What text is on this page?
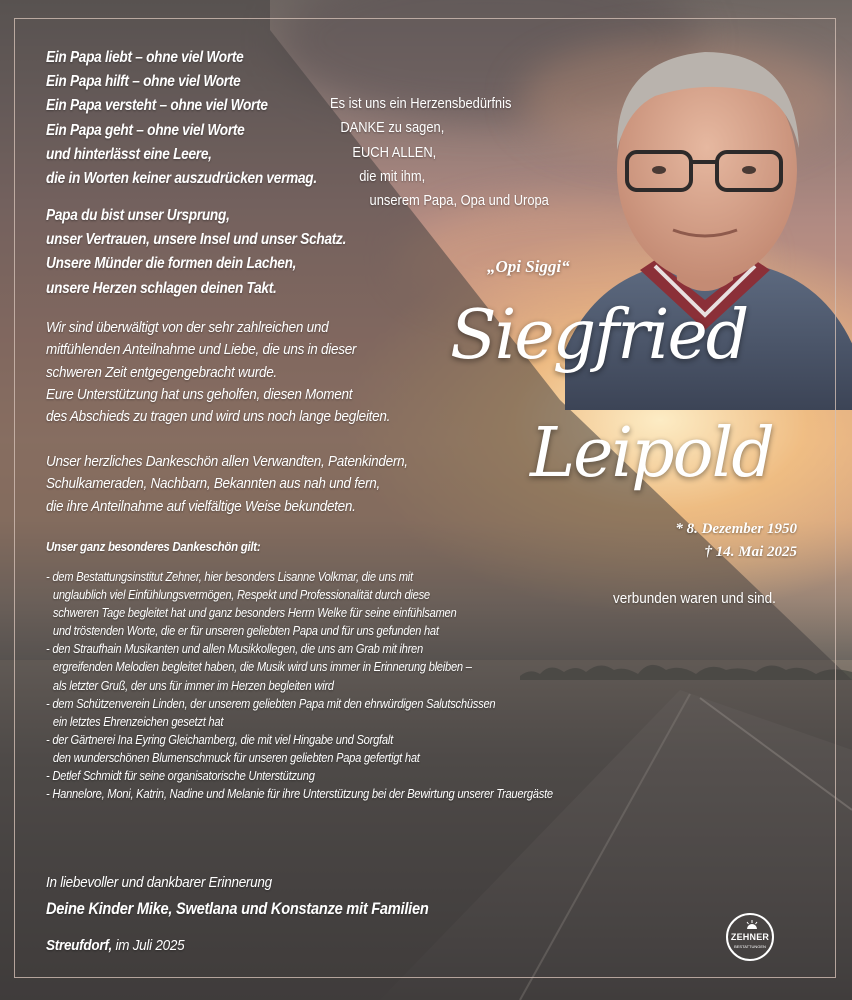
Ein Papa liebt – ohne viel Worte
Ein Papa hilft – ohne viel Worte
Ein Papa versteht – ohne viel Worte
Ein Papa geht – ohne viel Worte
und hinterlässt eine Leere,
die in Worten keiner auszudrücken vermag.
Papa du bist unser Ursprung,
unser Vertrauen, unsere Insel und unser Schatz.
Unsere Münder die formen dein Lachen,
unsere Herzen schlagen deinen Takt.
Wir sind überwältigt von der sehr zahlreichen und
mitfühlenden Anteilnahme und Liebe, die uns in dieser
schweren Zeit entgegengebracht wurde.
Eure Unterstützung hat uns geholfen, diesen Moment
des Abschieds zu tragen und wird uns noch lange begleiten.
Unser herzliches Dankeschön allen Verwandten, Patenkindern,
Schulkameraden, Nachbarn, Bekannten aus nah und fern,
die ihre Anteilnahme auf vielfältige Weise bekundeten.
Unser ganz besonderes Dankeschön gilt:
- dem Bestattungsinstitut Zehner, hier besonders Lisanne Volkmar, die uns mit
unglaublich viel Einfühlungsvermögen, Respekt und Professionalität durch diese
schweren Tage begleitet hat und ganz besonders Herrn Welke für seine einfühlsamen
und tröstenden Worte, die er für unseren geliebten Papa und für uns gefunden hat
- den Straufhain Musikanten und allen Musikkollegen, die uns am Grab mit ihren
ergreifenden Melodien begleitet haben, die Musik wird uns immer in Erinnerung bleiben –
als letzter Gruß, der uns für immer im Herzen begleiten wird
- dem Schützenverein Linden, der unserem geliebten Papa mit den ehrwürdigen Salutschüssen
ein letztes Ehrenzeichen gesetzt hat
- der Gärtnerei Ina Eyring Gleichamberg, die mit viel Hingabe und Sorgfalt
den wunderschönen Blumenschmuck für unseren geliebten Papa gefertigt hat
- Detlef Schmidt für seine organisatorische Unterstützung
- Hannelore, Moni, Katrin, Nadine und Melanie für ihre Unterstützung bei der Bewirtung unserer Trauergäste
In liebevoller und dankbarer Erinnerung
Deine Kinder Mike, Swetlana und Konstanze mit Familien
Streufdorf, im Juli 2025
Es ist uns ein Herzensbedürfnis
DANKE zu sagen,
EUCH ALLEN,
die mit ihm,
unserem Papa, Opa und Uropa
„Opi Siggi“
Siegfried
Leipold
* 8. Dezember 1950
† 14. Mai 2025
verbunden waren und sind.
ZEHNER
BESTATTUNGEN
